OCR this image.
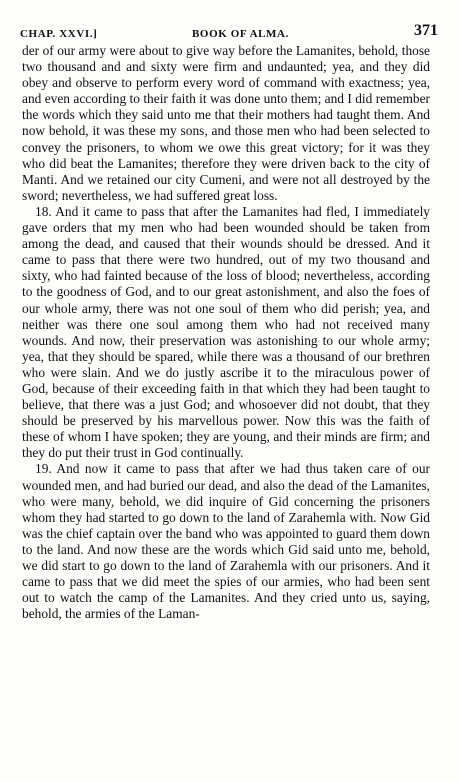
CHAP. XXVI.]	BOOK OF ALMA.	371

der of our army were about to give way before the Lamanites, behold, those two thousand and and sixty were firm and undaunted; yea, and they did obey and observe to perform every word of command with exactness; yea, and even according to their faith it was done unto them; and I did remember the words which they said unto me that their mothers had taught them. And now behold, it was these my sons, and those men who had been selected to convey the prisoners, to whom we owe this great victory; for it was they who did beat the Lamanites; therefore they were driven back to the city of Manti. And we retained our city Cumeni, and were not all destroyed by the sword; nevertheless, we had suffered great loss.

18. And it came to pass that after the Lamanites had fled, I immediately gave orders that my men who had been wounded should be taken from among the dead, and caused that their wounds should be dressed. And it came to pass that there were two hundred, out of my two thousand and sixty, who had fainted because of the loss of blood; nevertheless, according to the goodness of God, and to our great astonishment, and also the foes of our whole army, there was not one soul of them who did perish; yea, and neither was there one soul among them who had not received many wounds. And now, their preservation was astonishing to our whole army; yea, that they should be spared, while there was a thousand of our brethren who were slain. And we do justly ascribe it to the miraculous power of God, because of their exceeding faith in that which they had been taught to believe, that there was a just God; and whosoever did not doubt, that they should be preserved by his marvellous power. Now this was the faith of these of whom I have spoken; they are young, and their minds are firm; and they do put their trust in God continually.

19. And now it came to pass that after we had thus taken care of our wounded men, and had buried our dead, and also the dead of the Lamanites, who were many, behold, we did inquire of Gid concerning the prisoners whom they had started to go down to the land of Zarahemla with. Now Gid was the chief captain over the band who was appointed to guard them down to the land. And now these are the words which Gid said unto me, behold, we did start to go down to the land of Zarahemla with our prisoners. And it came to pass that we did meet the spies of our armies, who had been sent out to watch the camp of the Lamanites. And they cried unto us, saying, behold, the armies of the Laman-
